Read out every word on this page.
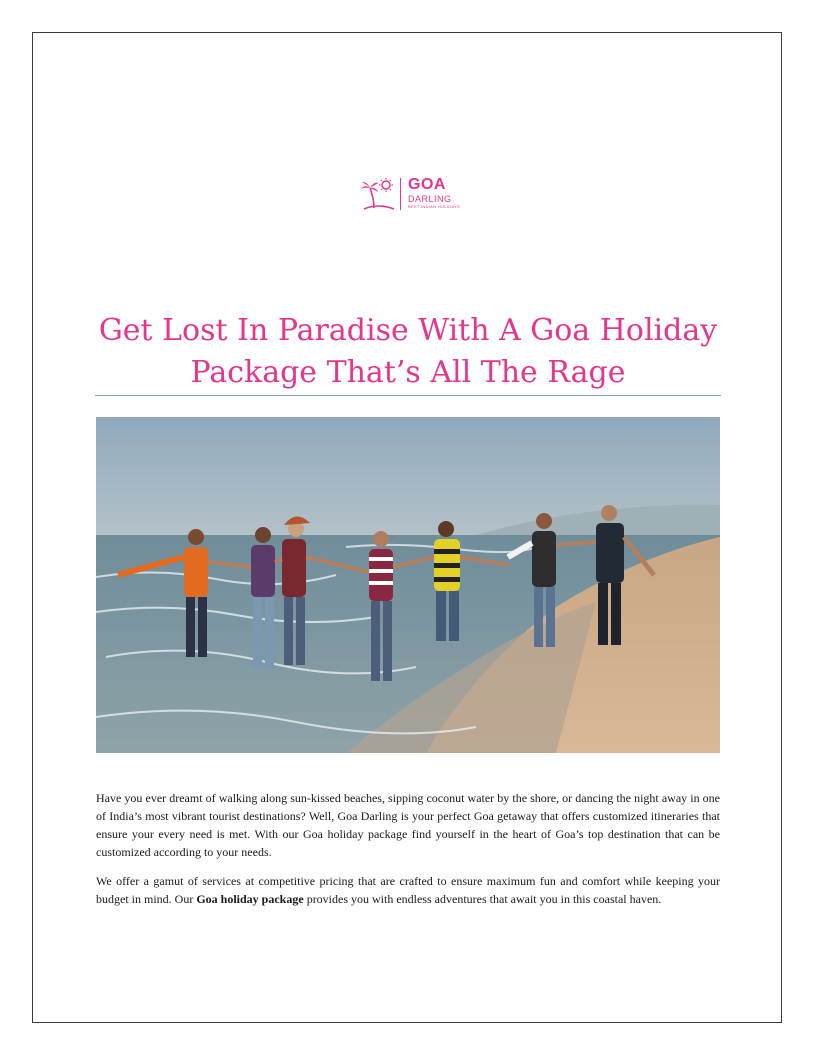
GOA
DARLING
BEST INDIAN HOLIDAYS
Get Lost In Paradise With A Goa Holiday
Package That’s All The Rage

Have you ever dreamt of walking along sun-kissed beaches, sipping coconut water by the shore, or dancing the night away in one of India’s most vibrant tourist destinations? Well, Goa Darling is your perfect Goa getaway that offers customized itineraries that ensure your every need is met. With our Goa holiday package find yourself in the heart of Goa’s top destination that can be customized according to your needs.

We offer a gamut of services at competitive pricing that are crafted to ensure maximum fun and comfort while keeping your budget in mind. Our Goa holiday package provides you with endless adventures that await you in this coastal haven.
